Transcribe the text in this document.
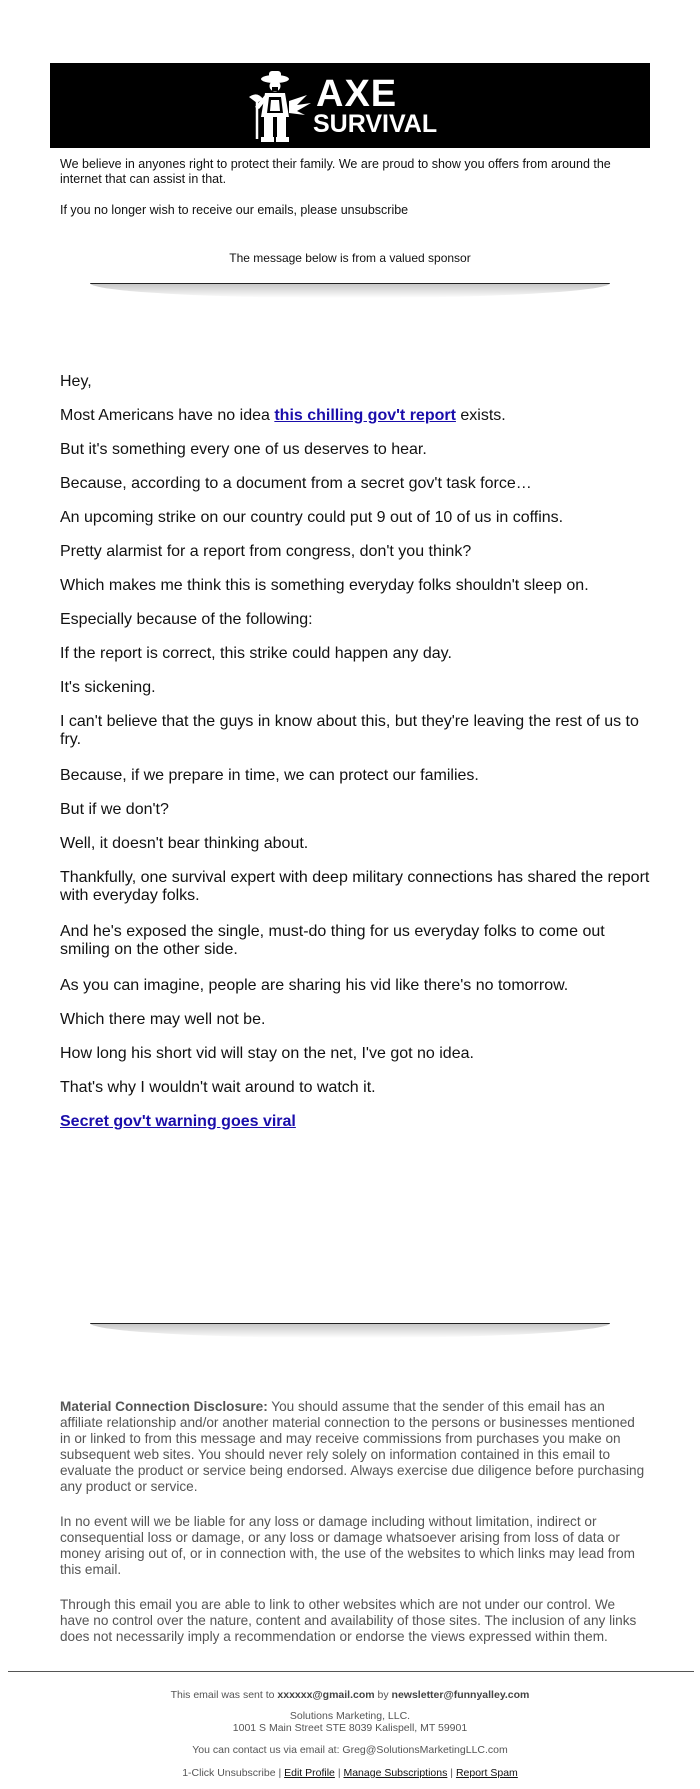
AXE
SURVIVAL
We believe in anyones right to protect their family. We are proud to show you offers from around the internet that can assist in that.
If you no longer wish to receive our emails, please unsubscribe
The message below is from a valued sponsor
Hey,
Most Americans have no idea this chilling gov't report exists.
But it's something every one of us deserves to hear.
Because, according to a document from a secret gov't task force…
An upcoming strike on our country could put 9 out of 10 of us in coffins.
Pretty alarmist for a report from congress, don't you think?
Which makes me think this is something everyday folks shouldn't sleep on.
Especially because of the following:
If the report is correct, this strike could happen any day.
It's sickening.
I can't believe that the guys in know about this, but they're leaving the rest of us to fry.
Because, if we prepare in time, we can protect our families.
But if we don't?
Well, it doesn't bear thinking about.
Thankfully, one survival expert with deep military connections has shared the report with everyday folks.
And he's exposed the single, must-do thing for us everyday folks to come out smiling on the other side.
As you can imagine, people are sharing his vid like there's no tomorrow.
Which there may well not be.
How long his short vid will stay on the net, I've got no idea.
That's why I wouldn't wait around to watch it.
Secret gov't warning goes viral
Material Connection Disclosure: You should assume that the sender of this email has an affiliate relationship and/or another material connection to the persons or businesses mentioned in or linked to from this message and may receive commissions from purchases you make on subsequent web sites. You should never rely solely on information contained in this email to evaluate the product or service being endorsed. Always exercise due diligence before purchasing any product or service.
In no event will we be liable for any loss or damage including without limitation, indirect or consequential loss or damage, or any loss or damage whatsoever arising from loss of data or money arising out of, or in connection with, the use of the websites to which links may lead from this email.
Through this email you are able to link to other websites which are not under our control. We have no control over the nature, content and availability of those sites. The inclusion of any links does not necessarily imply a recommendation or endorse the views expressed within them.
This email was sent to xxxxxx@gmail.com by newsletter@funnyalley.com
Solutions Marketing, LLC.
1001 S Main Street STE 8039 Kalispell, MT 59901
You can contact us via email at: Greg@SolutionsMarketingLLC.com
1-Click Unsubscribe | Edit Profile | Manage Subscriptions | Report Spam
